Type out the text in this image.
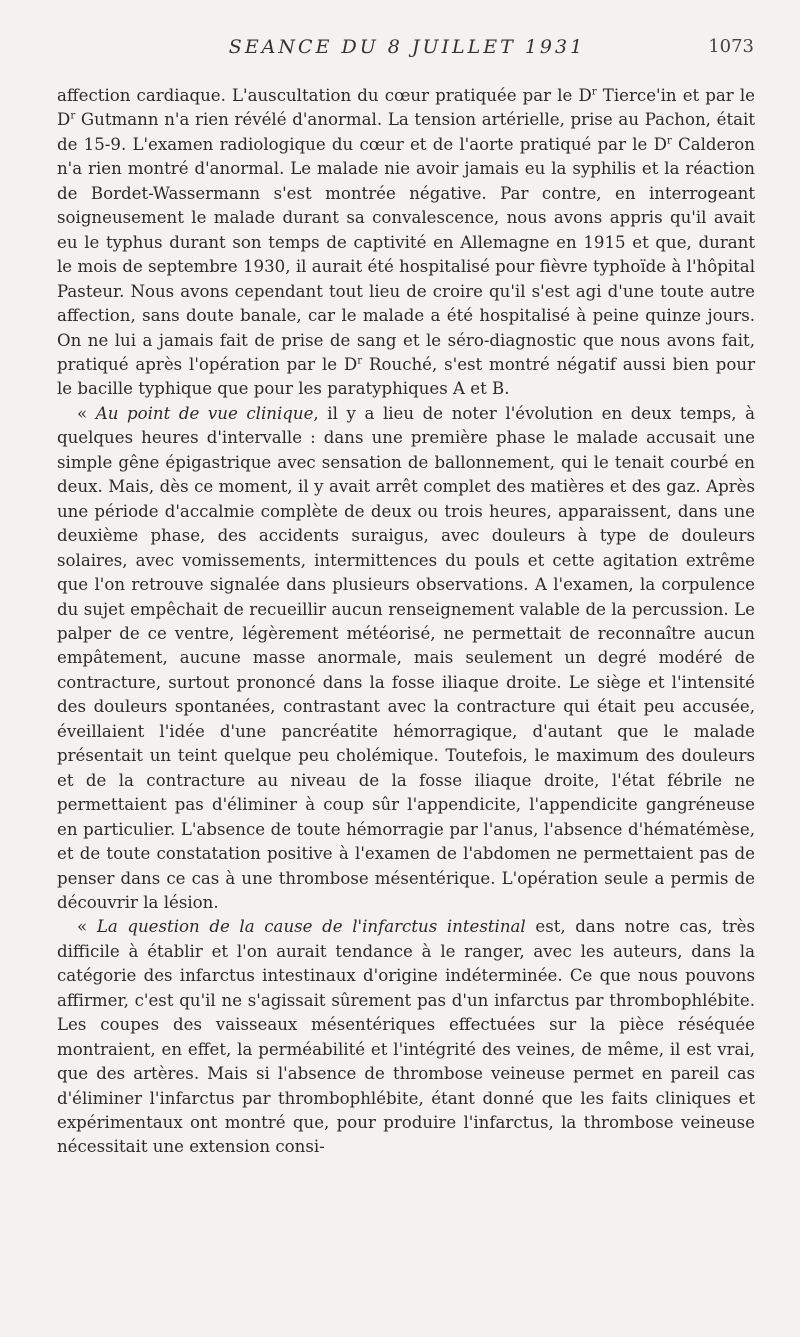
SEANCE DU 8 JUILLET 1931	1073

affection cardiaque. L'auscultation du cœur pratiquée par le $D^r$ Tierce'in et par le $D^r$ Gutmann n'a rien révélé d'anormal. La tension artérielle, prise au Pachon, était de 15-9. L'examen radiologique du cœur et de l'aorte pratiqué par le $D^r$ Calderon n'a rien montré d'anormal. Le malade nie avoir jamais eu la syphilis et la réaction de Bordet-Wassermann s'est montrée négative. Par contre, en interrogeant soigneusement le malade durant sa convalescence, nous avons appris qu'il avait eu le typhus durant son temps de captivité en Allemagne en 1915 et que, durant le mois de septembre 1930, il aurait été hospitalisé pour fièvre typhoïde à l'hôpital Pasteur. Nous avons cependant tout lieu de croire qu'il s'est agi d'une toute autre affection, sans doute banale, car le malade a été hospitalisé à peine quinze jours. On ne lui a jamais fait de prise de sang et le séro-diagnostic que nous avons fait, pratiqué après l'opération par le $D^r$ Rouché, s'est montré négatif aussi bien pour le bacille typhique que pour les paratyphiques A et B.

« Au point de vue clinique, il y a lieu de noter l'évolution en deux temps, à quelques heures d'intervalle : dans une première phase le malade accusait une simple gêne épigastrique avec sensation de ballonnement, qui le tenait courbé en deux. Mais, dès ce moment, il y avait arrêt complet des matières et des gaz. Après une période d'accalmie complète de deux ou trois heures, apparaissent, dans une deuxième phase, des accidents suraigus, avec douleurs à type de douleurs solaires, avec vomissements, intermittences du pouls et cette agitation extrême que l'on retrouve signalée dans plusieurs observations. A l'examen, la corpulence du sujet empêchait de recueillir aucun renseignement valable de la percussion. Le palper de ce ventre, légèrement météorisé, ne permettait de reconnaître aucun empâtement, aucune masse anormale, mais seulement un degré modéré de contracture, surtout prononcé dans la fosse iliaque droite. Le siège et l'intensité des douleurs spontanées, contrastant avec la contracture qui était peu accusée, éveillaient l'idée d'une pancréatite hémorragique, d'autant que le malade présentait un teint quelque peu cholémique. Toutefois, le maximum des douleurs et de la contracture au niveau de la fosse iliaque droite, l'état fébrile ne permettaient pas d'éliminer à coup sûr l'appendicite, l'appendicite gangréneuse en particulier. L'absence de toute hémorragie par l'anus, l'absence d'hématémèse, et de toute constatation positive à l'examen de l'abdomen ne permettaient pas de penser dans ce cas à une thrombose mésentérique. L'opération seule a permis de découvrir la lésion.

« La question de la cause de l'infarctus intestinal est, dans notre cas, très difficile à établir et l'on aurait tendance à le ranger, avec les auteurs, dans la catégorie des infarctus intestinaux d'origine indéterminée. Ce que nous pouvons affirmer, c'est qu'il ne s'agissait sûrement pas d'un infarctus par thrombophlébite. Les coupes des vaisseaux mésentériques effectuées sur la pièce réséquée montraient, en effet, la perméabilité et l'intégrité des veines, de même, il est vrai, que des artères. Mais si l'absence de thrombose veineuse permet en pareil cas d'éliminer l'infarctus par thrombophlébite, étant donné que les faits cliniques et expérimentaux ont montré que, pour produire l'infarctus, la thrombose veineuse nécessitait une extension consi-
